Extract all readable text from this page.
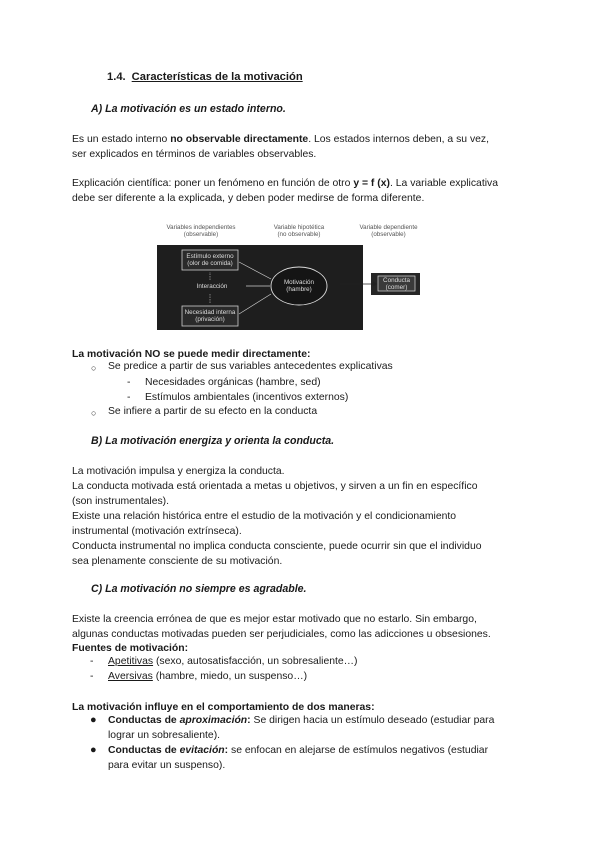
1.4. Características de la motivación
A) La motivación es un estado interno.
Es un estado interno no observable directamente. Los estados internos deben, a su vez,
ser explicados en términos de variables observables.
Explicación científica: poner un fenómeno en función de otro y = f (x). La variable explicativa
debe ser diferente a la explicada, y deben poder medirse de forma diferente.
Variables independientes
(observable)
Variable hipotética
(no observable)
Variable dependiente
(observable)
Estímulo externo
(olor de comida)
Interacción
Necesidad interna
(privación)
Motivación
(hambre)
Conducta
(comer)
La motivación NO se puede medir directamente:
○ Se predice a partir de sus variables antecedentes explicativas
- Necesidades orgánicas (hambre, sed)
- Estímulos ambientales (incentivos externos)
○ Se infiere a partir de su efecto en la conducta
B) La motivación energiza y orienta la conducta.
La motivación impulsa y energiza la conducta.
La conducta motivada está orientada a metas u objetivos, y sirven a un fin en específico
(son instrumentales).
Existe una relación histórica entre el estudio de la motivación y el condicionamiento
instrumental (motivación extrínseca).
Conducta instrumental no implica conducta consciente, puede ocurrir sin que el individuo
sea plenamente consciente de su motivación.
C) La motivación no siempre es agradable.
Existe la creencia errónea de que es mejor estar motivado que no estarlo. Sin embargo,
algunas conductas motivadas pueden ser perjudiciales, como las adicciones u obsesiones.
Fuentes de motivación:
- Apetitivas (sexo, autosatisfacción, un sobresaliente…)
- Aversivas (hambre, miedo, un suspenso…)
La motivación influye en el comportamiento de dos maneras:
● Conductas de aproximación: Se dirigen hacia un estímulo deseado (estudiar para
lograr un sobresaliente).
● Conductas de evitación: se enfocan en alejarse de estímulos negativos (estudiar
para evitar un suspenso).
